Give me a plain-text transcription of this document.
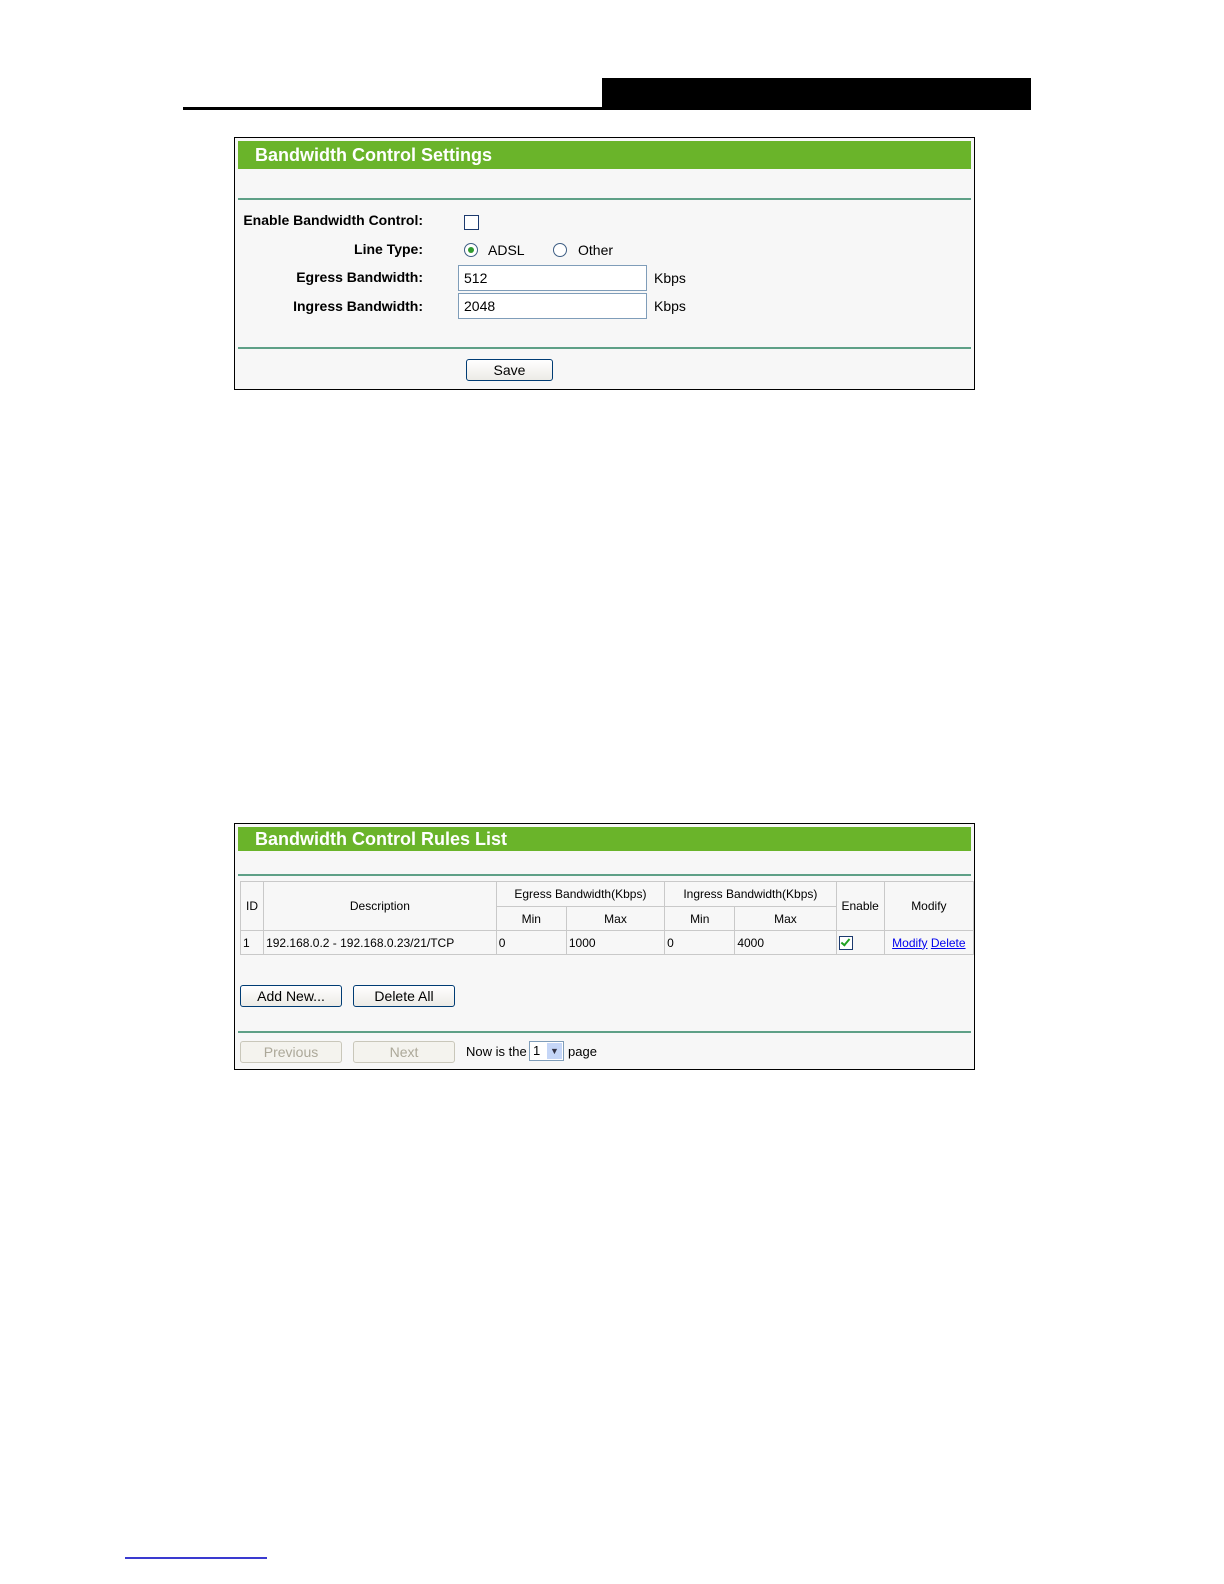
Bandwidth Control Settings
Enable Bandwidth Control:
Line Type:	ADSL	Other
Egress Bandwidth:	512	Kbps
Ingress Bandwidth:	2048	Kbps
Save
Bandwidth Control Rules List
ID	Description	Egress Bandwidth(Kbps)		Ingress Bandwidth(Kbps)		Enable	Modify
		Min	Max	Min	Max		
1	192.168.0.2 - 192.168.0.23/21/TCP	0	1000	0	4000		Modify Delete
Add New...	Delete All
Previous	Next	Now is the 1	▼ page
